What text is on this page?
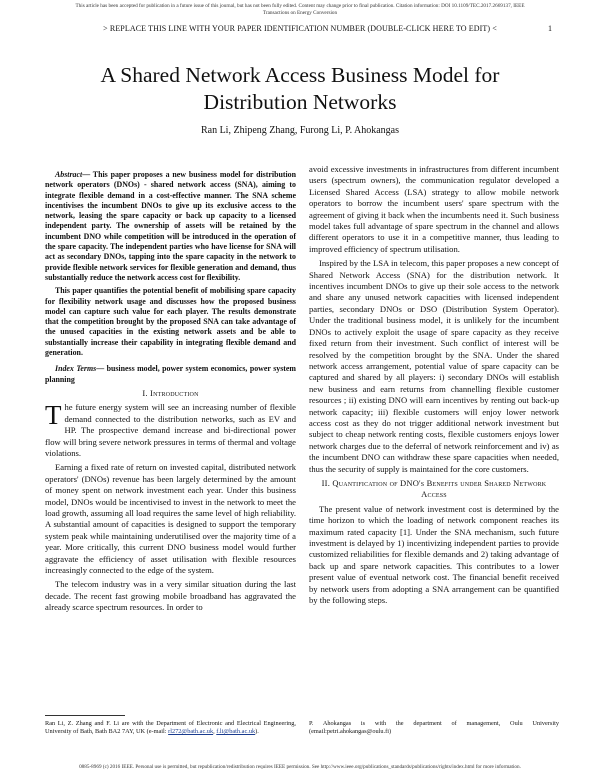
This article has been accepted for publication in a future issue of this journal, but has not been fully edited. Content may change prior to final publication. Citation information: DOI 10.1109/TEC.2017.2669137, IEEE
Transactions on Energy Conversion
> REPLACE THIS LINE WITH YOUR PAPER IDENTIFICATION NUMBER (DOUBLE-CLICK HERE TO EDIT) <	1
A Shared Network Access Business Model for
Distribution Networks
Ran Li, Zhipeng Zhang, Furong Li, P. Ahokangas

Abstract— This paper proposes a new business model for distribution network operators (DNOs) - shared network access (SNA), aiming to integrate flexible demand in a cost-effective manner. The SNA scheme incentivises the incumbent DNOs to give up its exclusive access to the network, leasing the spare capacity or back up capacity to a licensed independent party. The ownership of assets will be retained by the incumbent DNO while competition will be introduced in the operation of the spare capacity. The independent parties who have license for SNA will act as secondary DNOs, tapping into the spare capacity in the network to provide flexible network services for flexible generation and demand, thus substantially reduce the network access cost for flexibility.

This paper quantifies the potential benefit of mobilising spare capacity for flexibility network usage and discusses how the proposed business model can capture such value for each player. The results demonstrate that the competition brought by the proposed SNA can take advantage of the unused capacities in the existing network assets and be able to substantially increase their capability in integrating flexible demand and generation.

Index Terms— business model, power system economics, power system planning

I. Introduction

The future energy system will see an increasing number of flexible demand connected to the distribution networks, such as EV and HP. The prospective demand increase and bi-directional power flow will bring severe network pressures in terms of thermal and voltage violations.

Earning a fixed rate of return on invested capital, distributed network operators' (DNOs) revenue has been largely determined by the amount of money spent on network investment each year. Under this business model, DNOs would be incentivised to invest in the network to meet the load growth, assuming all load requires the same level of high reliability. A substantial amount of capacities is designed to support the temporary system peak while maintaining underutilised over the majority time of a year. More critically, this current DNO business model would further aggravate the efficiency of asset utilisation with flexible resources increasingly connected to the edge of the system.

The telecom industry was in a very similar situation during the last decade. The recent fast growing mobile broadband has aggravated the already scarce spectrum resources. In order to

avoid excessive investments in infrastructures from different incumbent users (spectrum owners), the communication regulator developed a Licensed Shared Access (LSA) strategy to allow mobile network operators to borrow the incumbent users' spare spectrum with the agreement of giving it back when the incumbents need it. Such business model takes full advantage of spare spectrum in the channel and allows different operators to use it in a competitive manner, thus leading to improved efficiency of spectrum utilisation.

Inspired by the LSA in telecom, this paper proposes a new concept of Shared Network Access (SNA) for the distribution network. It incentives incumbent DNOs to give up their sole access to the network and share any unused network capacities with licensed independent parties, secondary DNOs or DSO (Distribution System Operator). Under the traditional business model, it is unlikely for the incumbent DNOs to actively exploit the usage of spare capacity as they receive fixed return from their investment. Such conflict of interest will be resolved by the competition brought by the SNA. Under the shared network access arrangement, potential value of spare capacity can be captured and shared by all players: i) secondary DNOs will establish new business and earn returns from channelling flexible customer resources ; ii) existing DNO will earn incentives by renting out back-up network capacity; iii) flexible customers will enjoy lower network access cost as they do not trigger additional network investment but subject to cheap network renting costs, flexible customers enjoys lower network charges due to the deferral of network reinforcement and iv) as the incumbent DNO can withdraw these spare capacities when needed, thus the security of supply is maintained for the core customers.

II. Quantification of DNO's Benefits under Shared Network Access

The present value of network investment cost is determined by the time horizon to which the loading of network component reaches its maximum rated capacity [1]. Under the SNA mechanism, such future investment is delayed by 1) incentivizing independent parties to provide customized reliabilities for flexible demands and 2) taking advantage of back up and spare network capacities. This contributes to a lower present value of eventual network cost. The financial benefit received by network users from adopting a SNA arrangement can be quantified by the following steps.

Ran Li, Z. Zhang and F. Li are with the Department of Electronic and Electrical Engineering, University of Bath, Bath BA2 7AY, UK (e-mail: rl272@bath.ac.uk, f.li@bath.ac.uk).
P. Ahokangas is with the department of management, Oulu University (email:petri.ahokangas@oulu.fi)
0885-8969 (c) 2016 IEEE. Personal use is permitted, but republication/redistribution requires IEEE permission. See http://www.ieee.org/publications_standards/publications/rights/index.html for more information.
